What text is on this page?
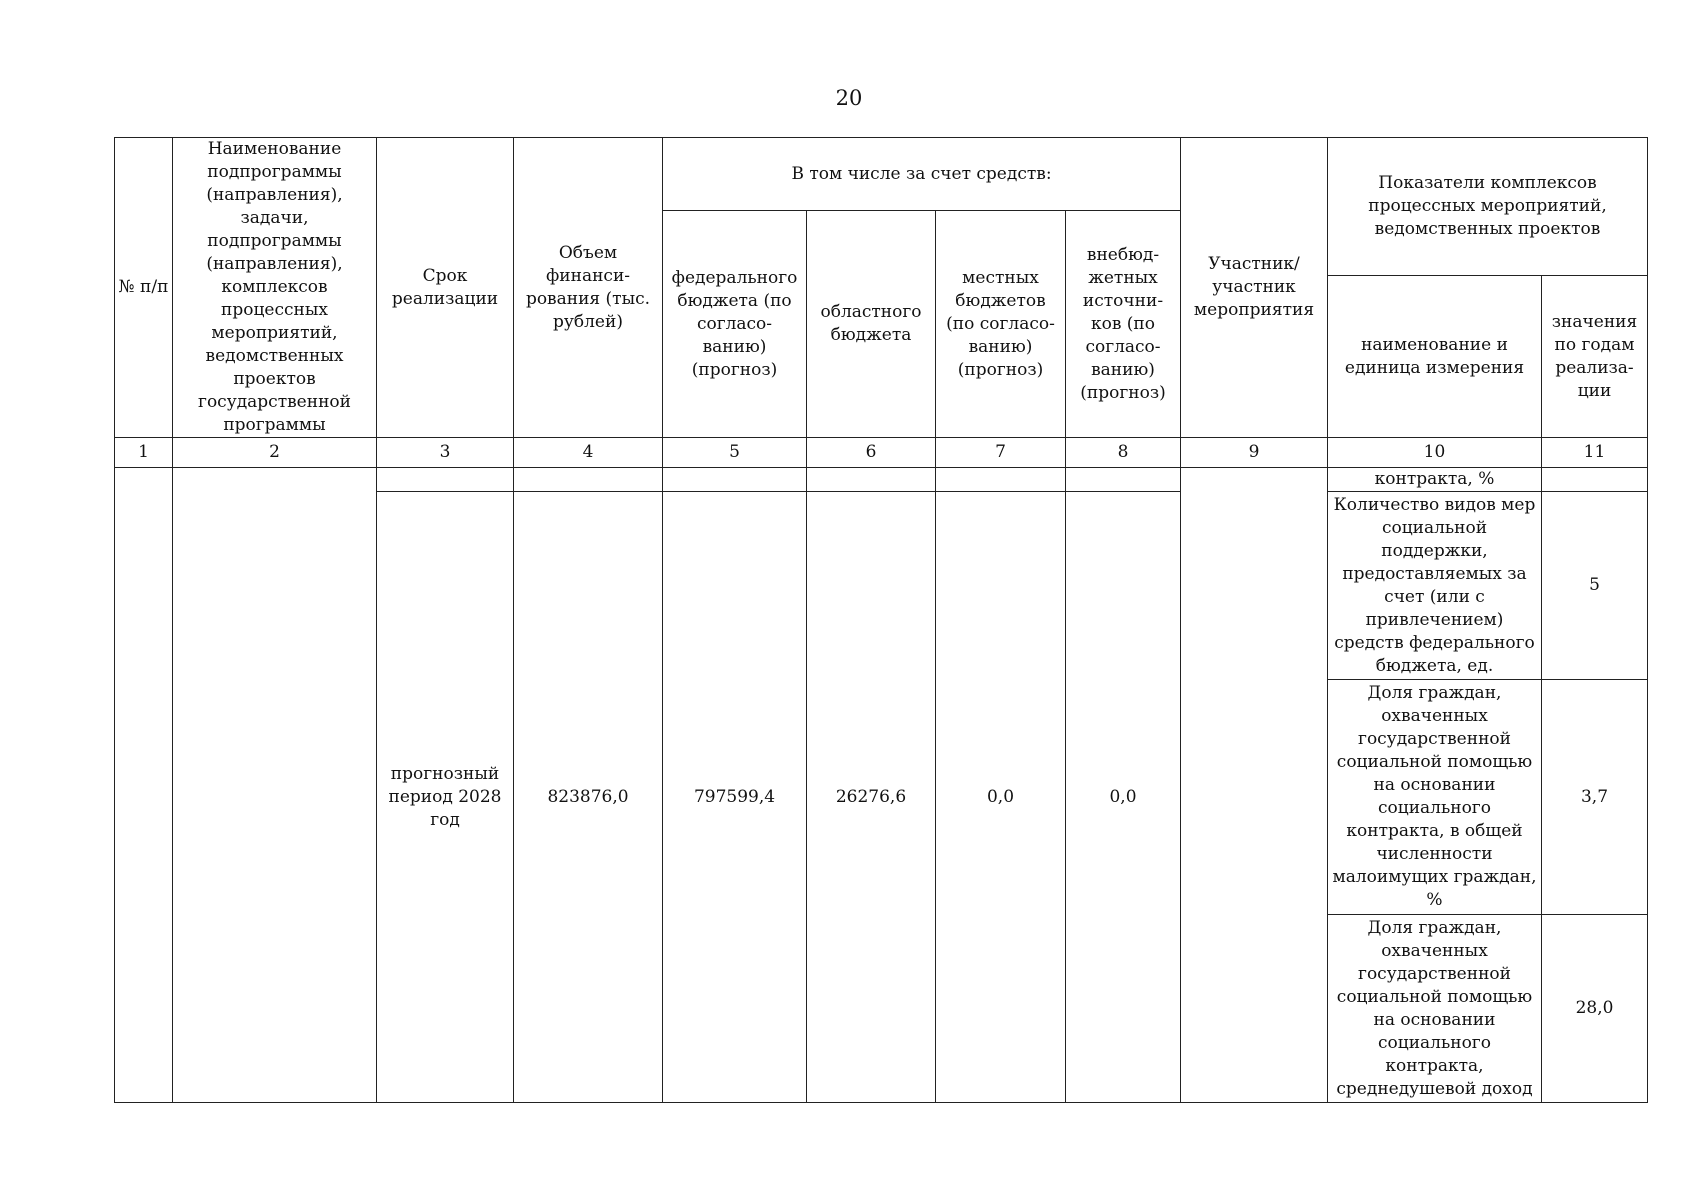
20
№ п/п	Наименование подпрограммы (направления), задачи, подпрограммы (направления), комплексов процессных мероприятий, ведомственных проектов государственной программы	Срок реализации	Объем финанси-рования (тыс. рублей)	В том числе за счет средств:				Участник/ участник мероприятия	Показатели комплексов процессных мероприятий, ведомственных проектов	
				федерального бюджета (по согласо-ванию) (прогноз)	областного бюджета	местных бюджетов (по согласо-ванию) (прогноз)	внебюд-жетных источни-ков (по согласо-ванию) (прогноз)			
									наименование и единица измерения	значения по годам реализа-ции
1	2	3	4	5	6	7	8	9	10	11
									контракта, %	
		прогнозный период 2028 год	823876,0	797599,4	26276,6	0,0	0,0		Количество видов мер социальной поддержки, предоставляемых за счет (или с привлечением) средств федерального бюджета, ед.	5
									Доля граждан, охваченных государственной социальной помощью на основании социального контракта, в общей численности малоимущих граждан, %	3,7
									Доля граждан, охваченных государственной социальной помощью на основании социального контракта, среднедушевой доход	28,0
